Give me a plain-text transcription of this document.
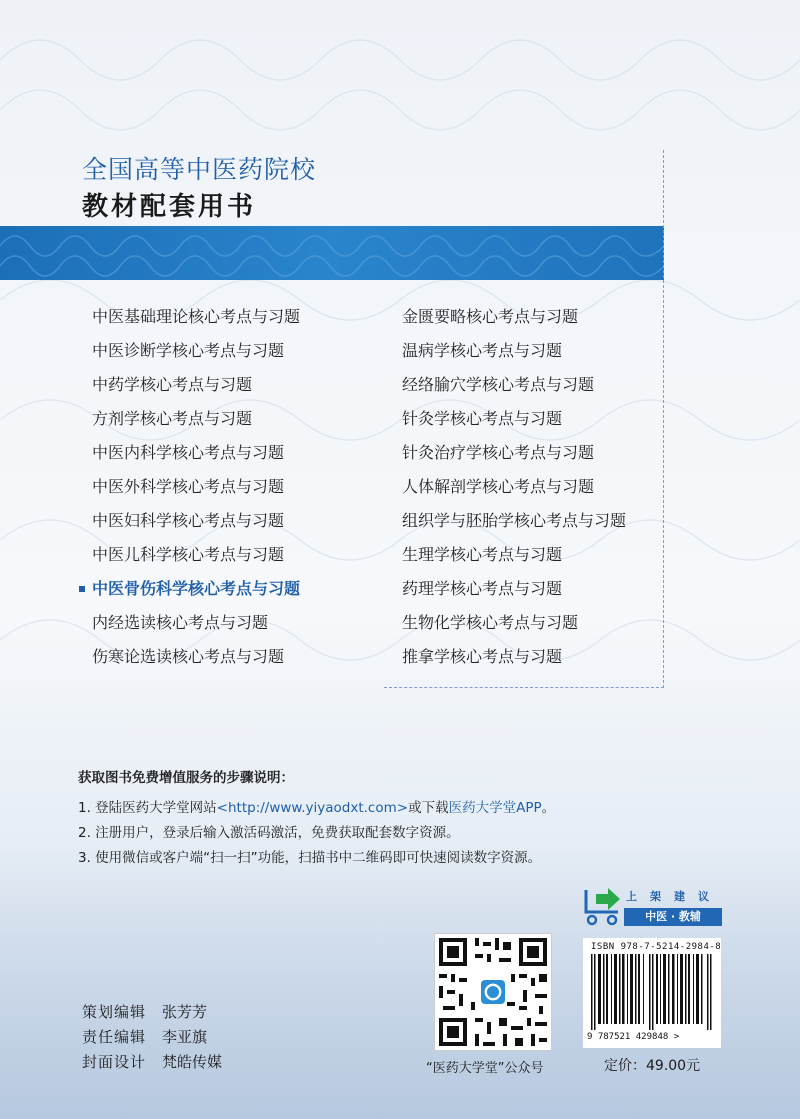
全国高等中医药院校
教材配套用书
中医基础理论核心考点与习题
中医诊断学核心考点与习题
中药学核心考点与习题
方剂学核心考点与习题
中医内科学核心考点与习题
中医外科学核心考点与习题
中医妇科学核心考点与习题
中医儿科学核心考点与习题
中医骨伤科学核心考点与习题
内经选读核心考点与习题
伤寒论选读核心考点与习题
金匮要略核心考点与习题
温病学核心考点与习题
经络腧穴学核心考点与习题
针灸学核心考点与习题
针灸治疗学核心考点与习题
人体解剖学核心考点与习题
组织学与胚胎学核心考点与习题
生理学核心考点与习题
药理学核心考点与习题
生物化学核心考点与习题
推拿学核心考点与习题
获取图书免费增值服务的步骤说明：
1. 登陆医药大学堂网站<http://www.yiyaodxt.com>或下载医药大学堂APP。
2. 注册用户，登录后输入激活码激活，免费获取配套数字资源。
3. 使用微信或客户端“扫一扫”功能，扫描书中二维码即可快速阅读数字资源。
策划编辑 张芳芳
责任编辑 李亚旗
封面设计 梵皓传媒	“医药大学堂”公众号
上架建议
中医 · 教辅
ISBN 978-7-5214-2984-8
9 787521 429848 >
定价：49.00元
